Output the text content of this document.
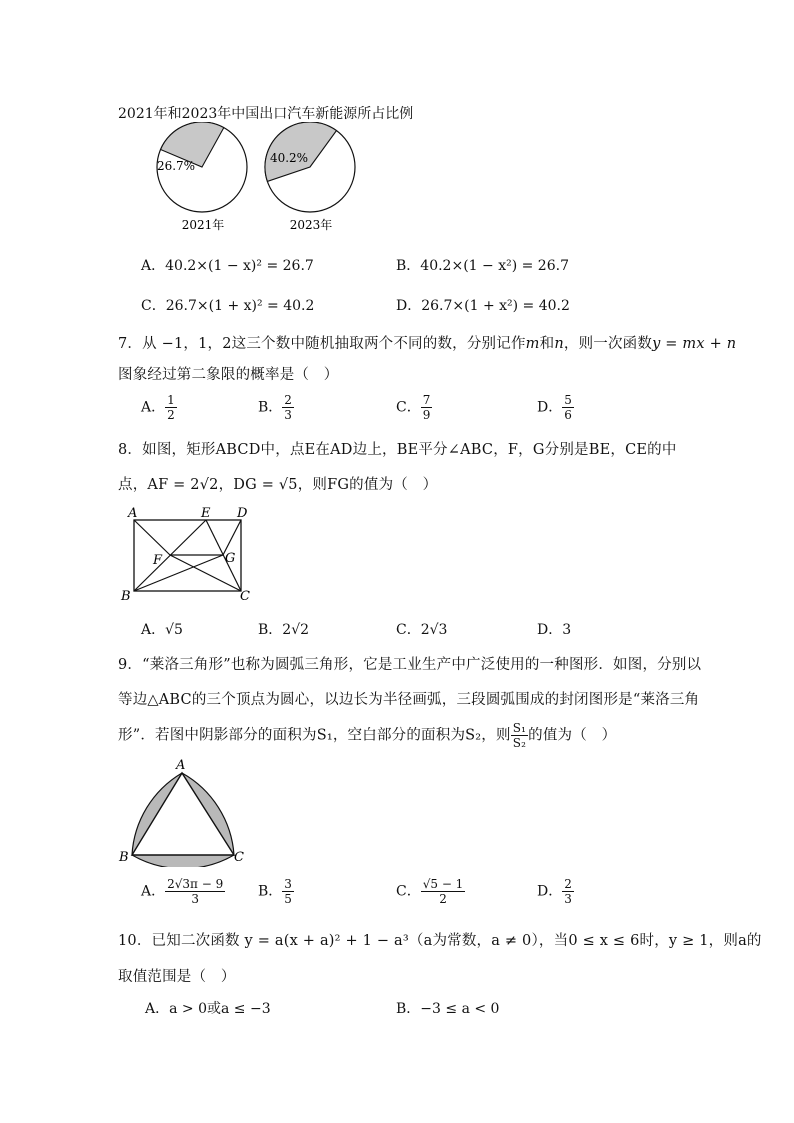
2021年和2023年中国出口汽车新能源所占比例
2021年	2023年
26.7%
40.2%
A．40.2×(1 − x)² = 26.7	B．40.2×(1 − x²) = 26.7
C．26.7×(1 + x)² = 40.2	D．26.7×(1 + x²) = 40.2
7．从 −1，1，2这三个数中随机抽取两个不同的数，分别记作m和n，则一次函数y = mx + n
图象经过第二象限的概率是（　）
A． $\frac{1}{2}$	B． $\frac{2}{3}$	C． $\frac{7}{9}$	D． $\frac{5}{6}$
8．如图，矩形ABCD中，点E在AD边上，BE平分∠ABC，F，G分别是BE，CE的中
点，AF = 2√2，DG = √5，则FG的值为（　）
A	E D
F	G
B	C
A．√5	B．2√2	C．2√3	D．3
9．“莱洛三角形”也称为圆弧三角形，它是工业生产中广泛使用的一种图形．如图，分别以
等边△ABC的三个顶点为圆心，以边长为半径画弧，三段圆弧围成的封闭图形是“莱洛三角
形”．若图中阴影部分的面积为S₁，空白部分的面积为S₂，则 $\frac{\text{S₁}}{\text{S₂}}$ 的值为（　）
A
B	C
A． $\frac{2√3\pi - 9}{3}$ B． $\frac{3}{5}$	C． $\frac{√5 - 1}{2}$	D． $\frac{2}{3}$
10．已知二次函数 y = a(x + a)² + 1 − a³（a为常数，a ≠ 0），当0 ≤ x ≤ 6时，y ≥ 1，则a的
取值范围是（　）
A．a > 0或a ≤ −3	B．−3 ≤ a < 0
